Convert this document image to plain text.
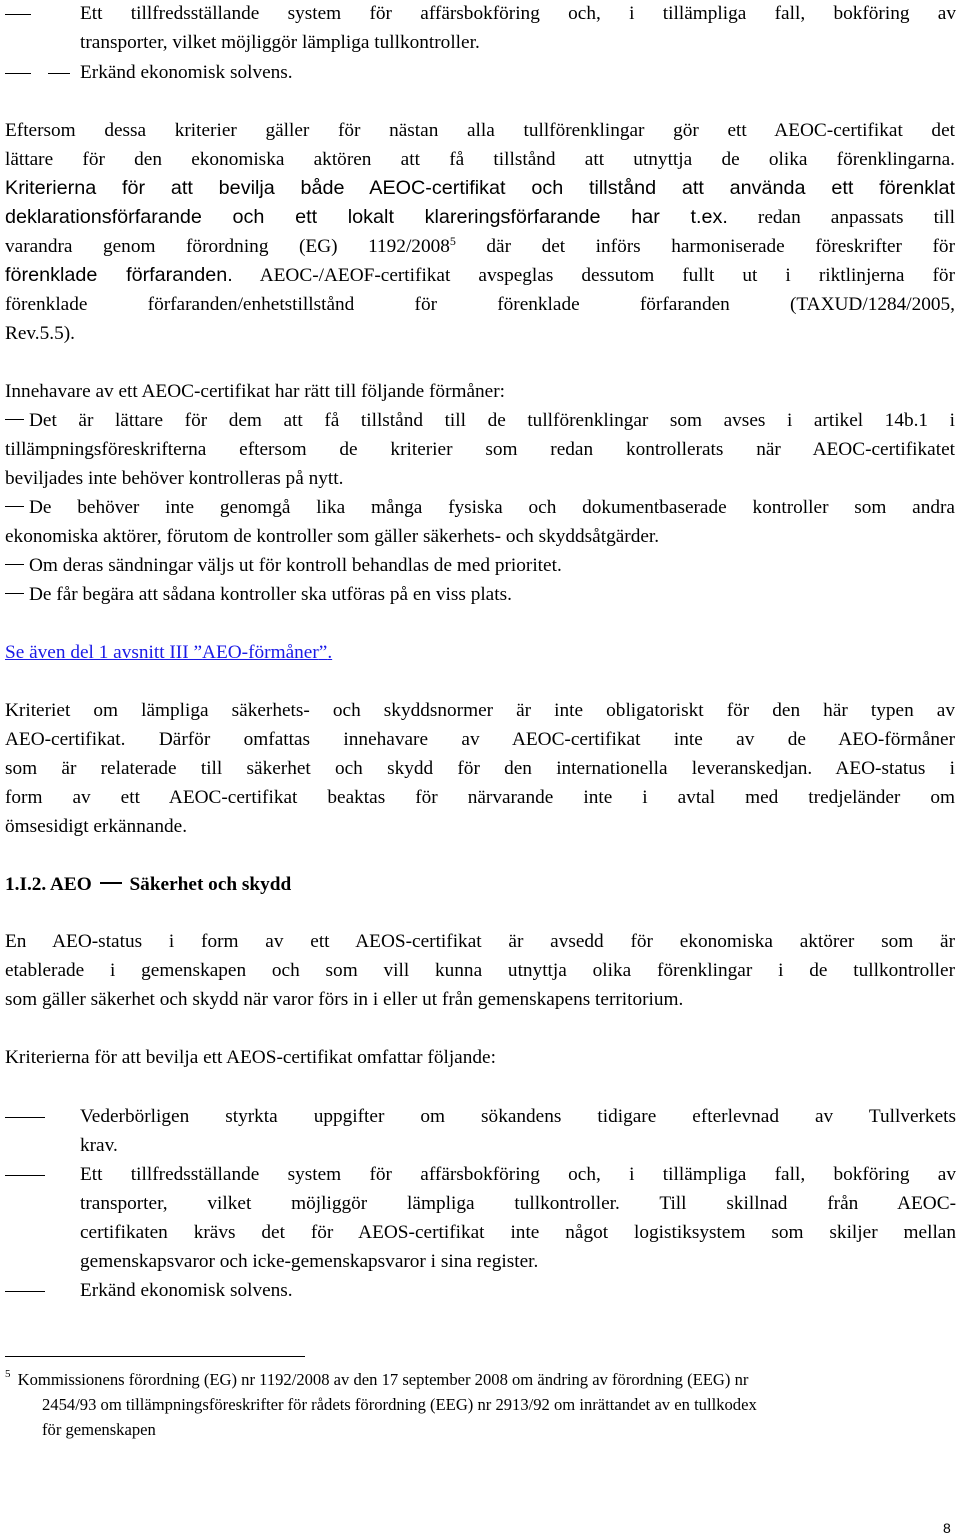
Ett tillfredsställande system för affärsbokföring och, i tillämpliga fall, bokföring av
transporter, vilket möjliggör lämpliga tullkontroller.
Erkänd ekonomisk solvens.
Eftersom dessa kriterier gäller för nästan alla tullförenklingar gör ett AEOC-certifikat det
lättare för den ekonomiska aktören att få tillstånd att utnyttja de olika förenklingarna.
Kriterierna för att bevilja både AEOC-certifikat och tillstånd att använda ett förenklat
deklarationsförfarande och ett lokalt klareringsförfarande har t.ex. redan anpassats till
varandra genom förordning (EG) 1192/2008$^5$ där det införs harmoniserade föreskrifter för
förenklade förfaranden. AEOC-/AEOF-certifikat avspeglas dessutom fullt ut i riktlinjerna för
förenklade förfaranden/enhetstillstånd för förenklade förfaranden (TAXUD/1284/2005,
Rev.5.5).
Innehavare av ett AEOC-certifikat har rätt till följande förmåner:
Det är lättare för dem att få tillstånd till de tullförenklingar som avses i artikel 14b.1 i
tillämpningsföreskrifterna eftersom de kriterier som redan kontrollerats när AEOC-certifikatet
beviljades inte behöver kontrolleras på nytt.
De behöver inte genomgå lika många fysiska och dokumentbaserade kontroller som andra
ekonomiska aktörer, förutom de kontroller som gäller säkerhets- och skyddsåtgärder.
Om deras sändningar väljs ut för kontroll behandlas de med prioritet.
De får begära att sådana kontroller ska utföras på en viss plats.
Se även del 1 avsnitt III ”AEO-förmåner”.
Kriteriet om lämpliga säkerhets- och skyddsnormer är inte obligatoriskt för den här typen av
AEO-certifikat. Därför omfattas innehavare av AEOC-certifikat inte av de AEO-förmåner
som är relaterade till säkerhet och skydd för den internationella leveranskedjan. AEO-status i
form av ett AEOC-certifikat beaktas för närvarande inte i avtal med tredjeländer om
ömsesidigt erkännande.
1.I.2. AEO Säkerhet och skydd
En AEO-status i form av ett AEOS-certifikat är avsedd för ekonomiska aktörer som är
etablerade i gemenskapen och som vill kunna utnyttja olika förenklingar i de tullkontroller
som gäller säkerhet och skydd när varor förs in i eller ut från gemenskapens territorium.
Kriterierna för att bevilja ett AEOS-certifikat omfattar följande:
Vederbörligen styrkta uppgifter om sökandens tidigare efterlevnad av Tullverkets
krav.
Ett tillfredsställande system för affärsbokföring och, i tillämpliga fall, bokföring av
transporter, vilket möjliggör lämpliga tullkontroller. Till skillnad från AEOC-
certifikaten krävs det för AEOS-certifikat inte något logistiksystem som skiljer mellan
gemenskapsvaror och icke-gemenskapsvaror i sina register.
Erkänd ekonomisk solvens.
$^5$ Kommissionens förordning (EG) nr 1192/2008 av den 17 september 2008 om ändring av förordning (EEG) nr
2454/93 om tillämpningsföreskrifter för rådets förordning (EEG) nr 2913/92 om inrättandet av en tullkodex
för gemenskapen
8
